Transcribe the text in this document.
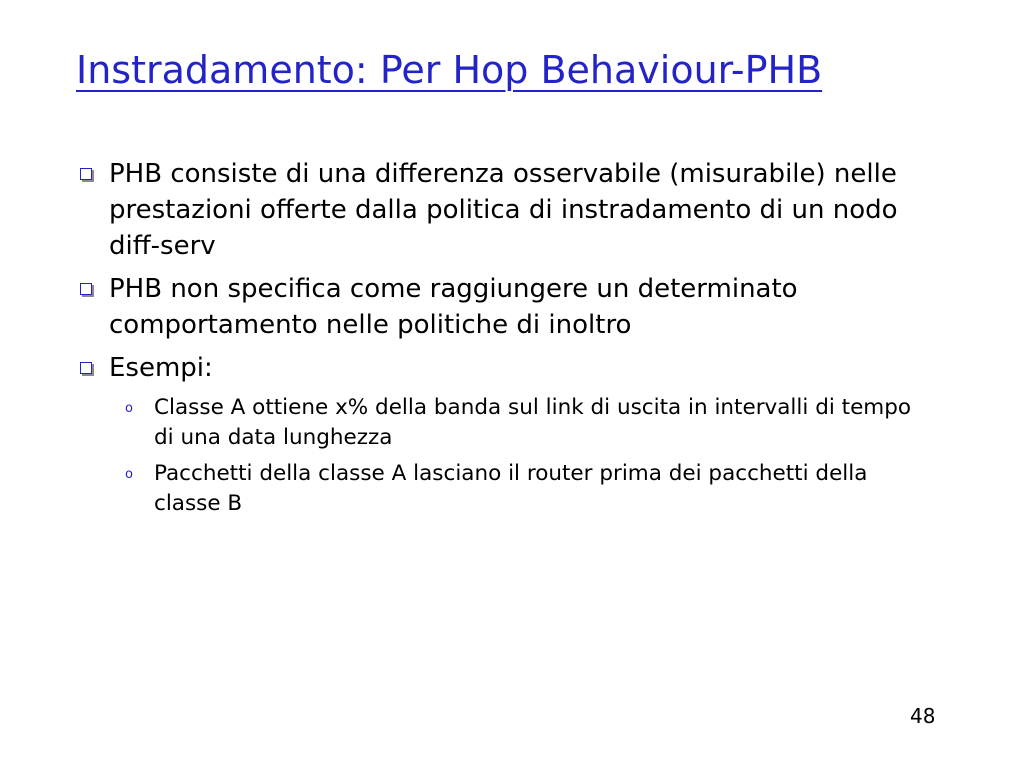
Instradamento: Per Hop Behaviour-PHB
PHB consiste di una differenza osservabile (misurabile) nelle prestazioni offerte dalla politica di instradamento di un nodo diff-serv
PHB non specifica come raggiungere un determinato comportamento nelle politiche di inoltro
Esempi:
o Classe A ottiene x% della banda sul link di uscita in intervalli di tempo di una data lunghezza
o Pacchetti della classe A lasciano il router prima dei pacchetti della classe B
48
